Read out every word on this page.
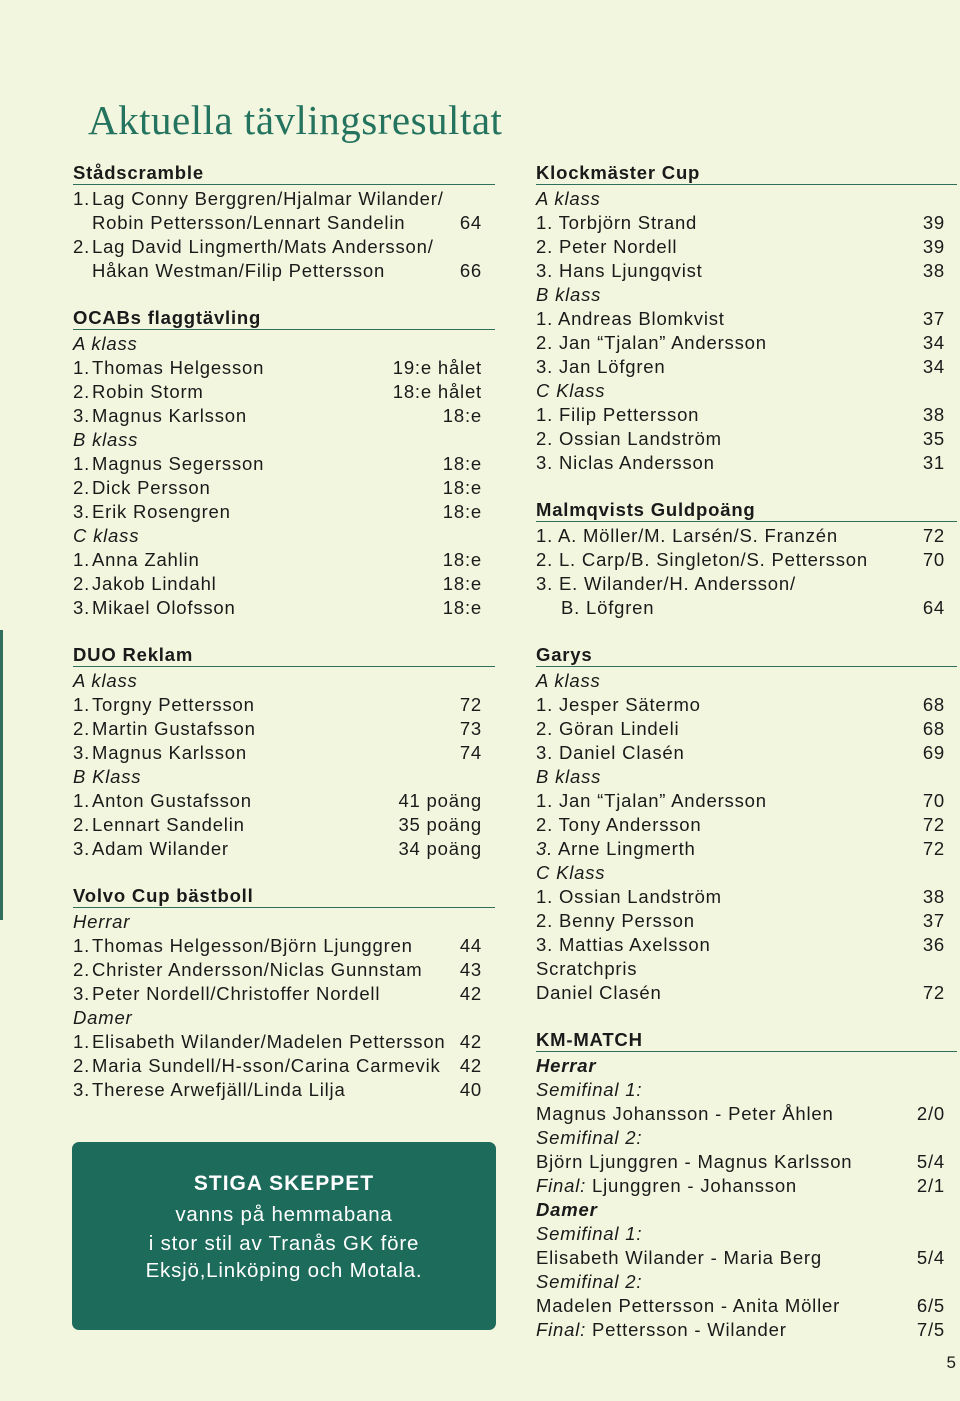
Aktuella tävlingsresultat
Stådscramble
1. Lag Conny Berggren/Hjalmar Wilander/
Robin Pettersson/Lennart Sandelin	64
2. Lag David Lingmerth/Mats Andersson/
Håkan Westman/Filip Pettersson	66
OCABs flaggtävling
A klass
1. Thomas Helgesson	19:e hålet
2. Robin Storm	18:e hålet
3. Magnus Karlsson	18:e
B klass
1. Magnus Segersson	18:e
2. Dick Persson	18:e
3. Erik Rosengren	18:e
C klass
1. Anna Zahlin	18:e
2. Jakob Lindahl	18:e
3. Mikael Olofsson	18:e
DUO Reklam
A klass
1. Torgny Pettersson	72
2. Martin Gustafsson	73
3. Magnus Karlsson	74
B Klass
1. Anton Gustafsson	41 poäng
2. Lennart Sandelin	35 poäng
3. Adam Wilander	34 poäng
Volvo Cup bästboll
Herrar
1. Thomas Helgesson/Björn Ljunggren	44
2. Christer Andersson/Niclas Gunnstam 43
3. Peter Nordell/Christoffer Nordell	42
Damer
1. Elisabeth Wilander/Madelen Pettersson 42
2. Maria Sundell/H-sson/Carina Carmevik 42
3. Therese Arwefjäll/Linda Lilja	40
STIGA SKEPPET
vanns på hemmabana
i stor stil av Tranås GK före
Eksjö,Linköping och Motala.
Klockmäster Cup
A klass
1. Torbjörn Strand	39
2. Peter Nordell	39
3. Hans Ljungqvist	38
B klass
1. Andreas Blomkvist	37
2. Jan “Tjalan” Andersson	34
3. Jan Löfgren	34
C Klass
1. Filip Pettersson	38
2. Ossian Landström	35
3. Niclas Andersson	31
Malmqvists Guldpoäng
1. A. Möller/M. Larsén/S. Franzén	72
2. L. Carp/B. Singleton/S. Pettersson	70
3. E. Wilander/H. Andersson/
B. Löfgren	64
Garys
A klass
1. Jesper Sätermo	68
2. Göran Lindeli	68
3. Daniel Clasén	69
B klass
1. Jan “Tjalan” Andersson	70
2. Tony Andersson	72
3. Arne Lingmerth	72
C Klass
1. Ossian Landström	38
2. Benny Persson	37
3. Mattias Axelsson	36
Scratchpris
Daniel Clasén	72
KM-MATCH
Herrar
Semifinal 1:
Magnus Johansson - Peter Åhlen	2/0
Semifinal 2:
Björn Ljunggren - Magnus Karlsson	5/4
Final: Ljunggren - Johansson	2/1
Damer
Semifinal 1:
Elisabeth Wilander - Maria Berg	5/4
Semifinal 2:
Madelen Pettersson - Anita Möller	6/5
Final: Pettersson - Wilander	7/5
5
